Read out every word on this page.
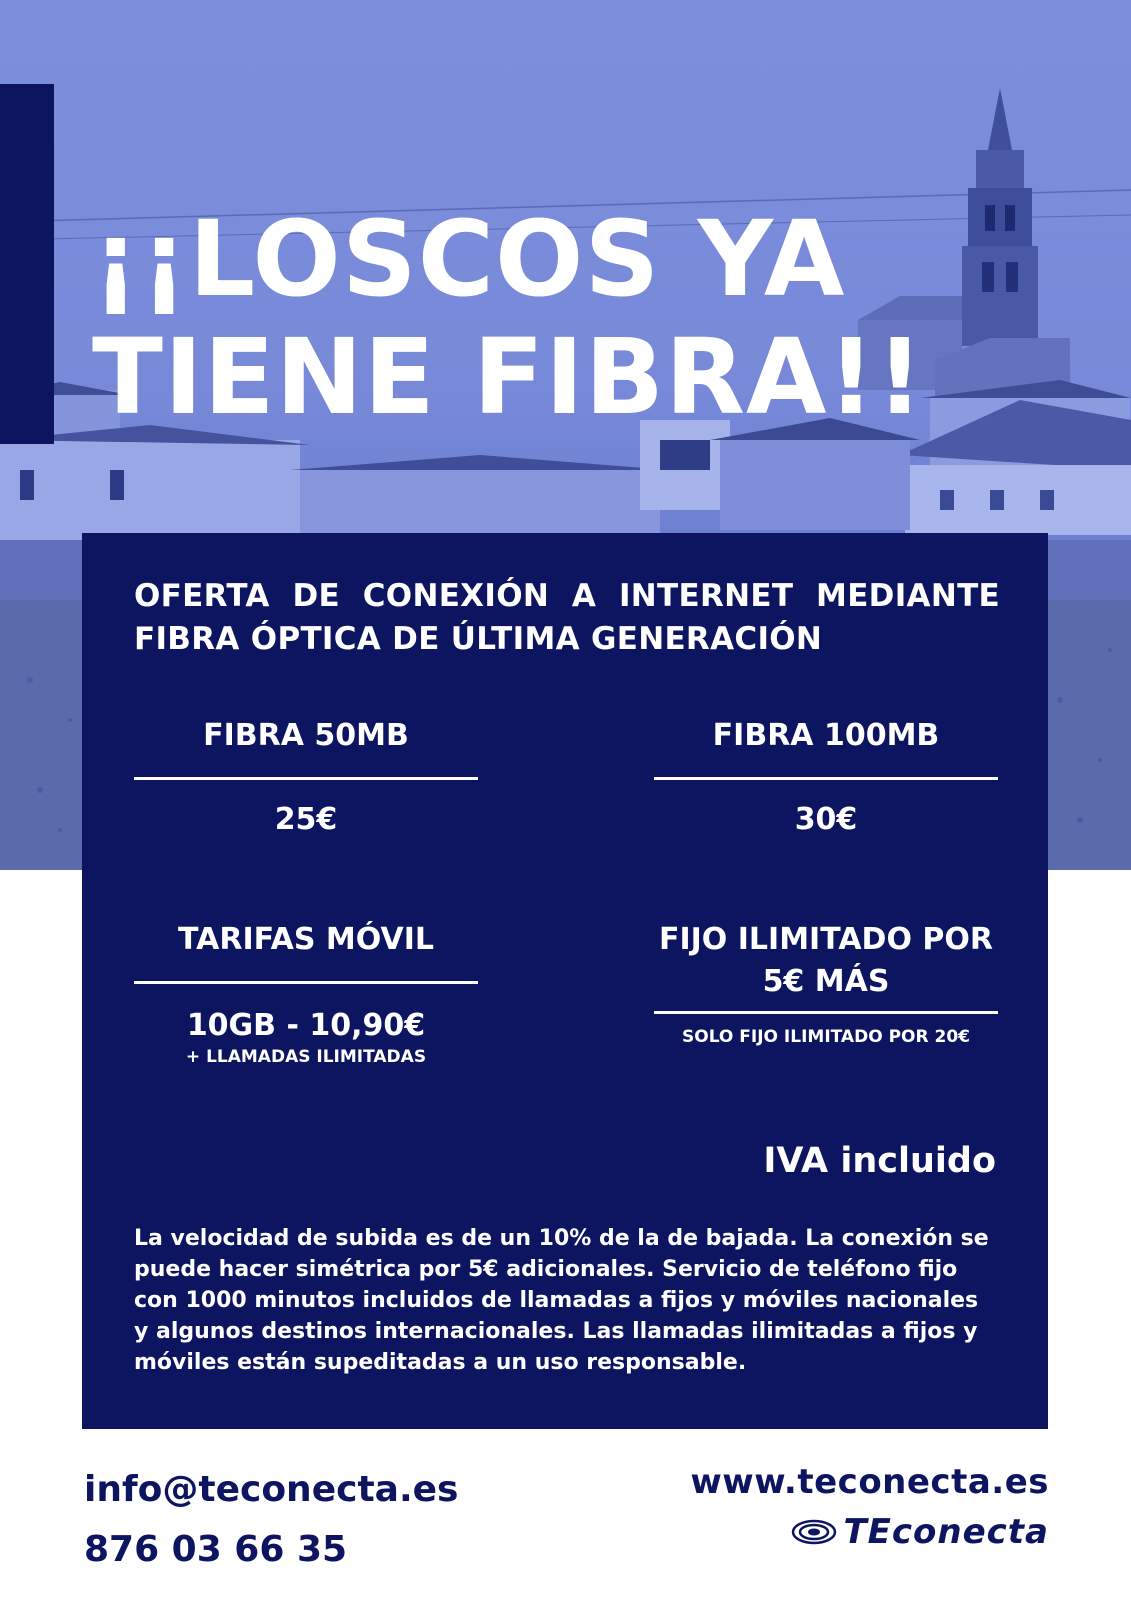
¡¡LOSCOS YA
TIENE FIBRA!!
OFERTA DE CONEXIÓN A INTERNET MEDIANTE FIBRA ÓPTICA DE ÚLTIMA GENERACIÓN
FIBRA 50MB
25€
FIBRA 100MB
30€
TARIFAS MÓVIL
10GB - 10,90€
+ LLAMADAS ILIMITADAS
FIJO ILIMITADO POR 5€ MÁS
SOLO FIJO ILIMITADO POR 20€
IVA incluido
La velocidad de subida es de un 10% de la de bajada. La conexión se puede hacer simétrica por 5€ adicionales. Servicio de teléfono fijo con 1000 minutos incluidos de llamadas a fijos y móviles nacionales y algunos destinos internacionales. Las llamadas ilimitadas a fijos y móviles están supeditadas a un uso responsable.
info@teconecta.es
876 03 66 35
www.teconecta.es
TEconecta
